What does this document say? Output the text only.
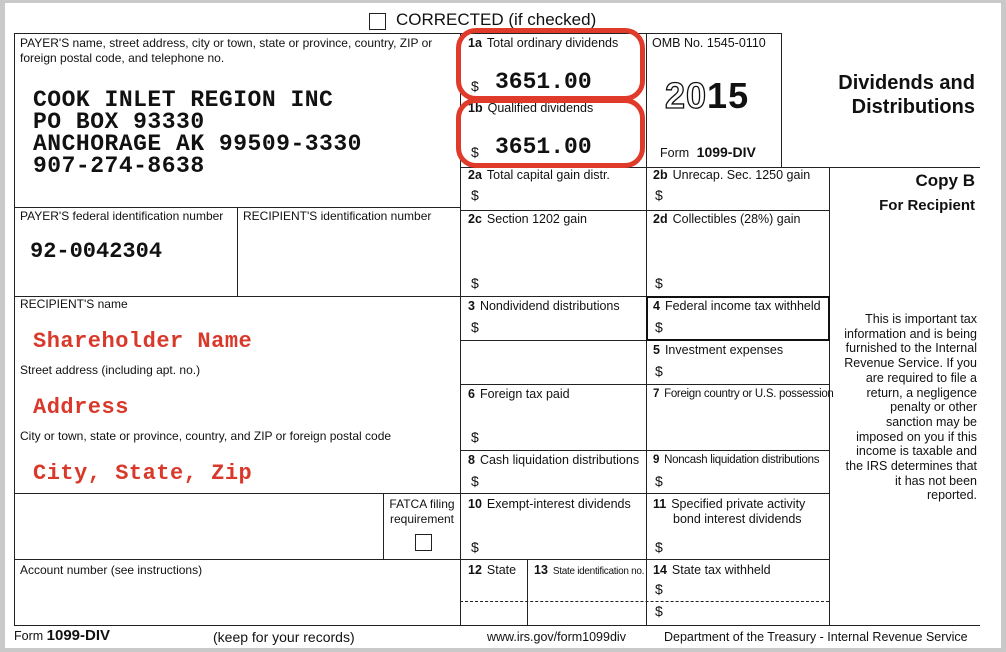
CORRECTED (if checked)
OMB No. 1545-0110
2015
Form 1099-DIV
Dividends and
Distributions
Copy B
For Recipient
This is important tax information and is being furnished to the Internal Revenue Service. If you are required to file a return, a negligence penalty or other sanction may be imposed on you if this income is taxable and the IRS determines that it has not been reported.
PAYER'S name, street address, city or town, state or province, country, ZIP or foreign postal code, and telephone no.
COOK INLET REGION INC
PO BOX 93330
ANCHORAGE AK 99509-3330
907-274-8638
PAYER'S federal identification number
92-0042304
RECIPIENT'S identification number
RECIPIENT'S name
Shareholder Name
Street address (including apt. no.)
Address
City or town, state or province, country, and ZIP or foreign postal code
City, State, Zip
FATCA filing
requirement
Account number (see instructions)
1a Total ordinary dividends
$ 3651.00
1b Qualified dividends
$ 3651.00
2a Total capital gain distr.
$
2b Unrecap. Sec. 1250 gain
$
2c Section 1202 gain
$
2d Collectibles (28%) gain
$
3 Nondividend distributions
$
4 Federal income tax withheld
$
5 Investment expenses
$
6 Foreign tax paid
$
7 Foreign country or U.S. possession
8 Cash liquidation distributions
$
9 Noncash liquidation distributions
$
10 Exempt-interest dividends
$
11 Specified private activity
bond interest dividends
$
12 State 13 State identification no. 14 State tax withheld
$
$
Form 1099-DIV	(keep for your records)	www.irs.gov/form1099div	Department of the Treasury - Internal Revenue Service
